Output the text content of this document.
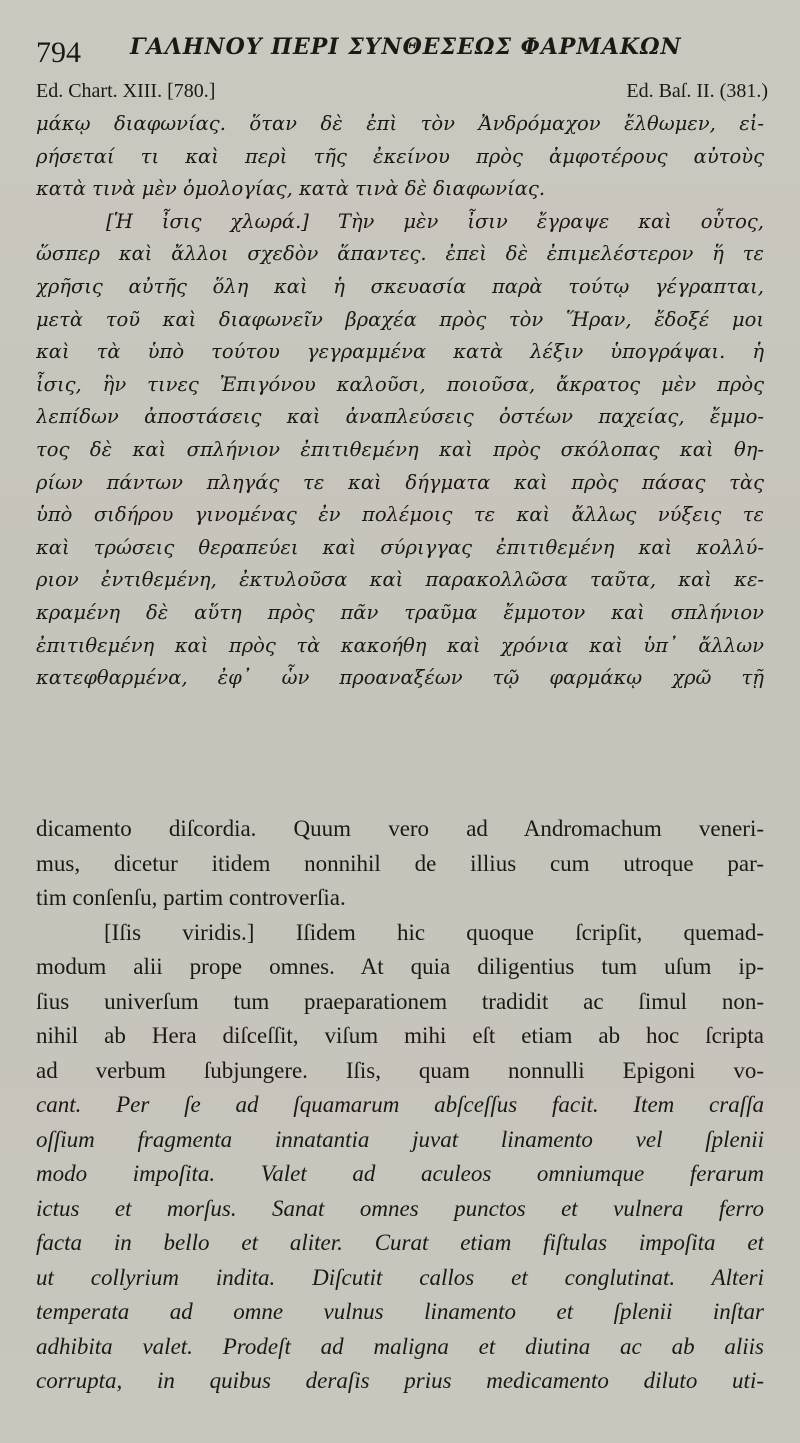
794 ΓΑΛΗΝΟΥ ΠΕΡΙ ΣΥΝΘΕΣΕΩΣ ΦΑΡΜΑΚΩΝ
Ed. Chart. XIII. [780.]	Ed. Baſ. II. (381.)
μάκῳ διαφωνίας. ὅταν δὲ ἐπὶ τὸν Ἀνδρόμαχον ἔλθωμεν, εἰ-
ρήσεταί τι καὶ περὶ τῆς ἐκείνου πρὸς ἀμφοτέρους αὐτοὺς
κατὰ τινὰ μὲν ὁμολογίας, κατὰ τινὰ δὲ διαφωνίας.
[Ἡ ἶσις χλωρά.] Τὴν μὲν ἶσιν ἔγραψε καὶ οὗτος,
ὥσπερ καὶ ἄλλοι σχεδὸν ἅπαντες. ἐπεὶ δὲ ἐπιμελέστερον ἥ τε
χρῆσις αὐτῆς ὅλη καὶ ἡ σκευασία παρὰ τούτῳ γέγραπται,
μετὰ τοῦ καὶ διαφωνεῖν βραχέα πρὸς τὸν Ἥραν, ἔδοξέ μοι
καὶ τὰ ὑπὸ τούτου γεγραμμένα κατὰ λέξιν ὑπογράψαι. ἡ
ἶσις, ἣν τινες Ἐπιγόνου καλοῦσι, ποιοῦσα, ἄκρατος μὲν πρὸς
λεπίδων ἀποστάσεις καὶ ἀναπλεύσεις ὀστέων παχείας, ἔμμο-
τος δὲ καὶ σπλήνιον ἐπιτιθεμένη καὶ πρὸς σκόλοπας καὶ θη-
ρίων πάντων πληγάς τε καὶ δήγματα καὶ πρὸς πάσας τὰς
ὑπὸ σιδήρου γινομένας ἐν πολέμοις τε καὶ ἄλλως νύξεις τε
καὶ τρώσεις θεραπεύει καὶ σύριγγας ἐπιτιθεμένη καὶ κολλύ-
ριον ἐντιθεμένη, ἐκτυλοῦσα καὶ παρακολλῶσα ταῦτα, καὶ κε-
κραμένη δὲ αὕτη πρὸς πᾶν τραῦμα ἔμμοτον καὶ σπλήνιον
ἐπιτιθεμένη καὶ πρὸς τὰ κακοήθη καὶ χρόνια καὶ ὑπ᾽ ἄλλων
κατεφθαρμένα, ἐφ᾽ ὧν προαναξέων τῷ φαρμάκῳ χρῶ τῇ
dicamento diſcordia. Quum vero ad Andromachum veneri-
mus, dicetur itidem nonnihil de illius cum utroque par-
tim conſenſu, partim controverſia.
[Iſis viridis.] Iſidem hic quoque ſcripſit, quemad-
modum alii prope omnes. At quia diligentius tum uſum ip-
ſius univerſum tum praeparationem tradidit ac ſimul non-
nihil ab Hera diſceſſit, viſum mihi eſt etiam ab hoc ſcripta
ad verbum ſubjungere. Iſis, quam nonnulli Epigoni vo-
cant. Per ſe ad ſquamarum abſceſſus facit. Item craſſa
oſſium fragmenta innatantia juvat linamento vel ſplenii
modo impoſita. Valet ad aculeos omniumque ferarum
ictus et morſus. Sanat omnes punctos et vulnera ferro
facta in bello et aliter. Curat etiam fiſtulas impoſita et
ut collyrium indita. Diſcutit callos et conglutinat. Alteri
temperata ad omne vulnus linamento et ſplenii inſtar
adhibita valet. Prodeſt ad maligna et diutina ac ab aliis
corrupta, in quibus deraſis prius medicamento diluto uti-
